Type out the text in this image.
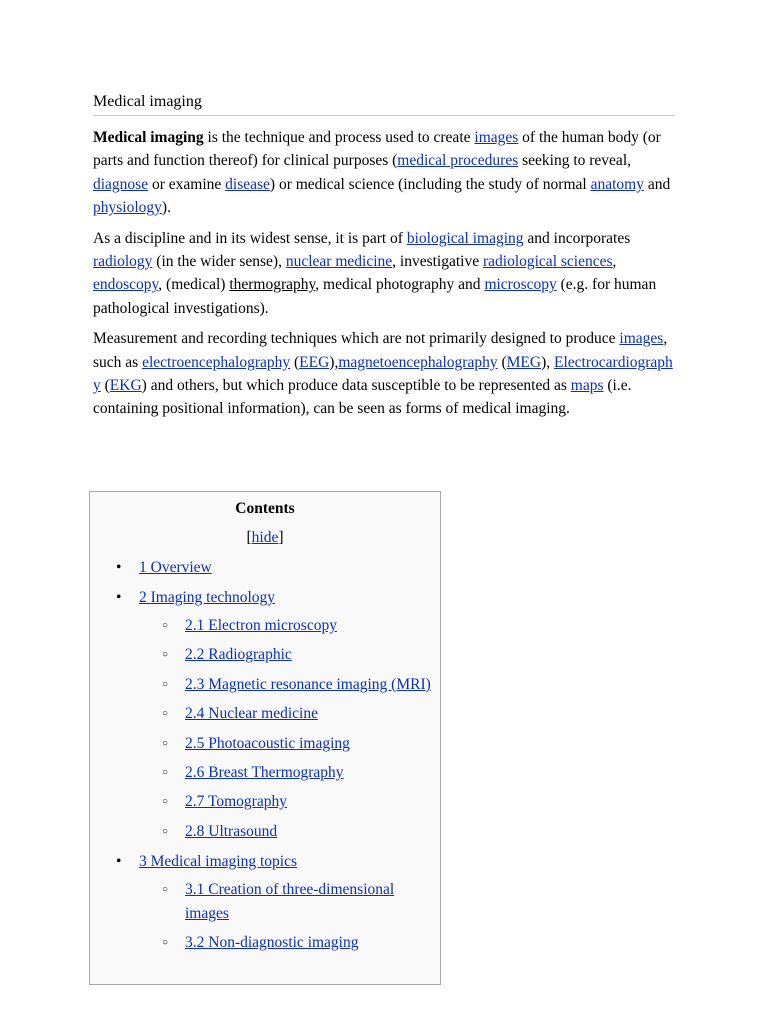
Medical imaging

Medical imaging is the technique and process used to create images of the human body (or parts and function thereof) for clinical purposes (medical procedures seeking to reveal, diagnose or examine disease) or medical science (including the study of normal anatomy and physiology).

As a discipline and in its widest sense, it is part of biological imaging and incorporates radiology (in the wider sense), nuclear medicine, investigative radiological sciences, endoscopy, (medical) thermography, medical photography and microscopy (e.g. for human pathological investigations).

Measurement and recording techniques which are not primarily designed to produce images, such as electroencephalography (EEG),magnetoencephalography (MEG), Electrocardiography (EKG) and others, but which produce data susceptible to be represented as maps (i.e. containing positional information), can be seen as forms of medical imaging.

Contents
[hide]
• 1 Overview
• 2 Imaging technology
○ 2.1 Electron microscopy
○ 2.2 Radiographic
○ 2.3 Magnetic resonance imaging (MRI)
○ 2.4 Nuclear medicine
○ 2.5 Photoacoustic imaging
○ 2.6 Breast Thermography
○ 2.7 Tomography
○ 2.8 Ultrasound
• 3 Medical imaging topics
○ 3.1 Creation of three-dimensional images
○ 3.2 Non-diagnostic imaging
